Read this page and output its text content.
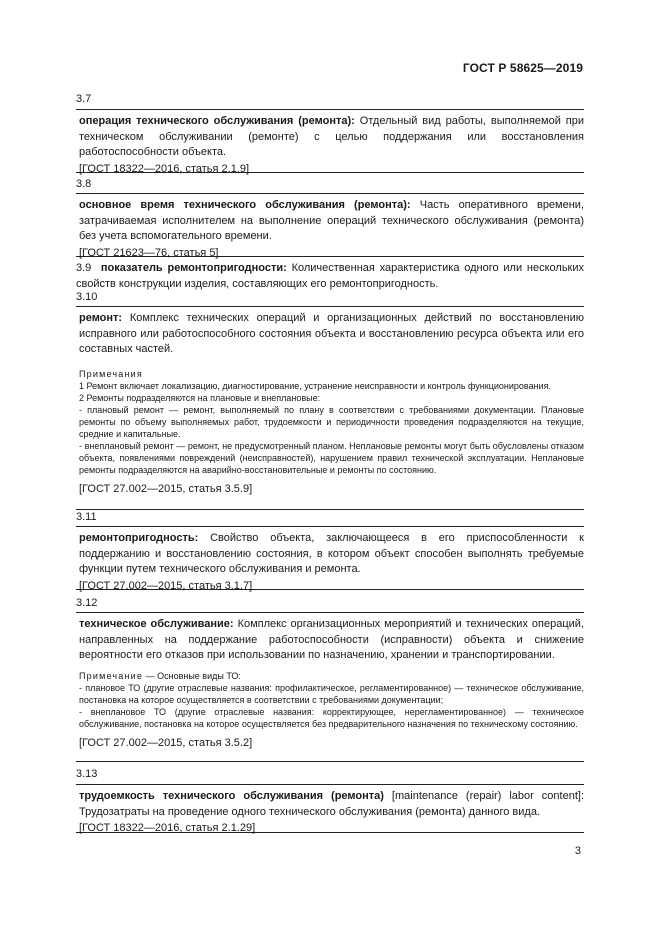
ГОСТ Р 58625—2019
3.7

операция технического обслуживания (ремонта): Отдельный вид работы, выполняемой при техническом обслуживании (ремонте) с целью поддержания или восстановления работоспособности объекта.

[ГОСТ 18322—2016, статья 2.1.9]

3.8

основное время технического обслуживания (ремонта): Часть оперативного времени, затрачиваемая исполнителем на выполнение операций технического обслуживания (ремонта) без учета вспомогательного времени.

[ГОСТ 21623—76, статья 5]

3.9 показатель ремонтопригодности: Количественная характеристика одного или нескольких свойств конструкции изделия, составляющих его ремонтопригодность.

3.10

ремонт: Комплекс технических операций и организационных действий по восстановлению исправного или работоспособного состояния объекта и восстановлению ресурса объекта или его составных частей.

Примечания

1 Ремонт включает локализацию, диагностирование, устранение неисправности и контроль функционирования.

2 Ремонты подразделяются на плановые и внеплановые:

- плановый ремонт — ремонт, выполняемый по плану в соответствии с требованиями документации. Плановые ремонты по объему выполняемых работ, трудоемкости и периодичности проведения подразделяются на текущие, средние и капитальные.

- внеплановый ремонт — ремонт, не предусмотренный планом. Неплановые ремонты могут быть обусловлены отказом объекта, появлениями повреждений (неисправностей), нарушением правил технической эксплуатации. Неплановые ремонты подразделяются на аварийно-восстановительные и ремонты по состоянию.

[ГОСТ 27.002—2015, статья 3.5.9]

3.11

ремонтопригодность: Свойство объекта, заключающееся в его приспособленности к поддержанию и восстановлению состояния, в котором объект способен выполнять требуемые функции путем технического обслуживания и ремонта.

[ГОСТ 27.002—2015, статья 3.1.7]

3.12

техническое обслуживание: Комплекс организационных мероприятий и технических операций, направленных на поддержание работоспособности (исправности) объекта и снижение вероятности его отказов при использовании по назначению, хранении и транспортировании.

Примечание — Основные виды ТО:

- плановое ТО (другие отраслевые названия: профилактическое, регламентированное) — техническое обслуживание, постановка на которое осуществляется в соответствии с требованиями документации;

- внеплановое ТО (другие отраслевые названия: корректирующее, нерегламентированное) — техническое обслуживание, постановка на которое осуществляется без предварительного назначения по техническому состоянию.

[ГОСТ 27.002—2015, статья 3.5.2]

3.13

трудоемкость технического обслуживания (ремонта) [maintenance (repair) labor content]: Трудозатраты на проведение одного технического обслуживания (ремонта) данного вида.

[ГОСТ 18322—2016, статья 2.1.29]

3
